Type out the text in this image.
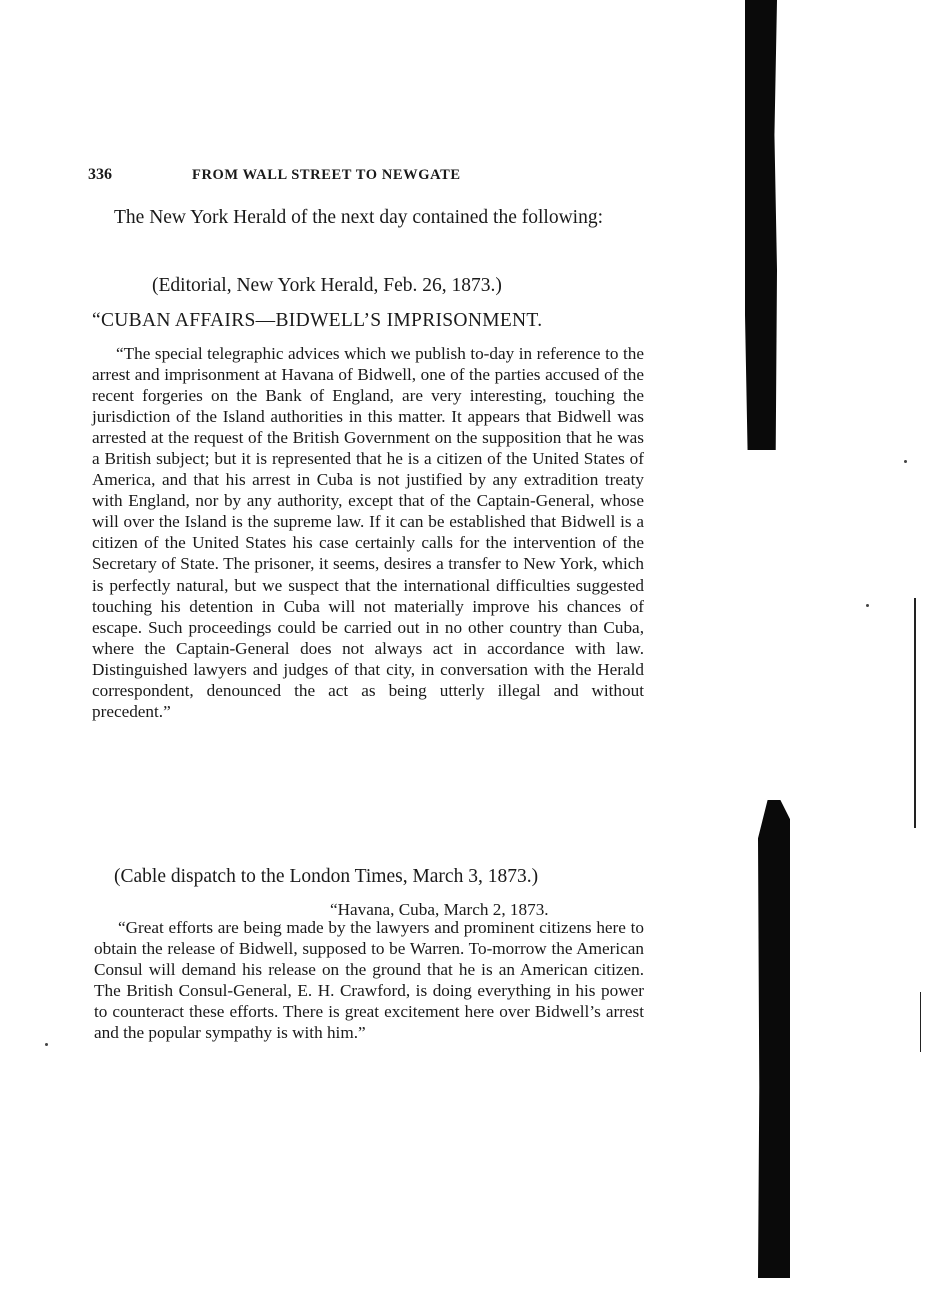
336	FROM WALL STREET TO NEWGATE

The New York Herald of the next day contained the following:

(Editorial, New York Herald, Feb. 26, 1873.)

“CUBAN AFFAIRS—BIDWELL’S IMPRISONMENT.

“The special telegraphic advices which we publish to-day in reference to the arrest and imprisonment at Havana of Bidwell, one of the parties accused of the recent forgeries on the Bank of England, are very interesting, touching the jurisdiction of the Island authorities in this matter. It appears that Bidwell was arrested at the request of the British Government on the supposition that he was a British subject; but it is represented that he is a citizen of the United States of America, and that his arrest in Cuba is not justified by any extradition treaty with England, nor by any authority, except that of the Captain-General, whose will over the Island is the supreme law. If it can be established that Bidwell is a citizen of the United States his case certainly calls for the intervention of the Secretary of State. The prisoner, it seems, desires a transfer to New York, which is perfectly natural, but we suspect that the international difficulties suggested touching his detention in Cuba will not materially improve his chances of escape. Such proceedings could be carried out in no other country than Cuba, where the Captain-General does not always act in accordance with law. Distinguished lawyers and judges of that city, in conversation with the Herald correspondent, denounced the act as being utterly illegal and without precedent.”

(Cable dispatch to the London Times, March 3, 1873.)

“Havana, Cuba, March 2, 1873.

“Great efforts are being made by the lawyers and prominent citizens here to obtain the release of Bidwell, supposed to be Warren. To-morrow the American Consul will demand his release on the ground that he is an American citizen. The British Consul-General, E. H. Crawford, is doing everything in his power to counteract these efforts. There is great excitement here over Bidwell’s arrest and the popular sympathy is with him.”
